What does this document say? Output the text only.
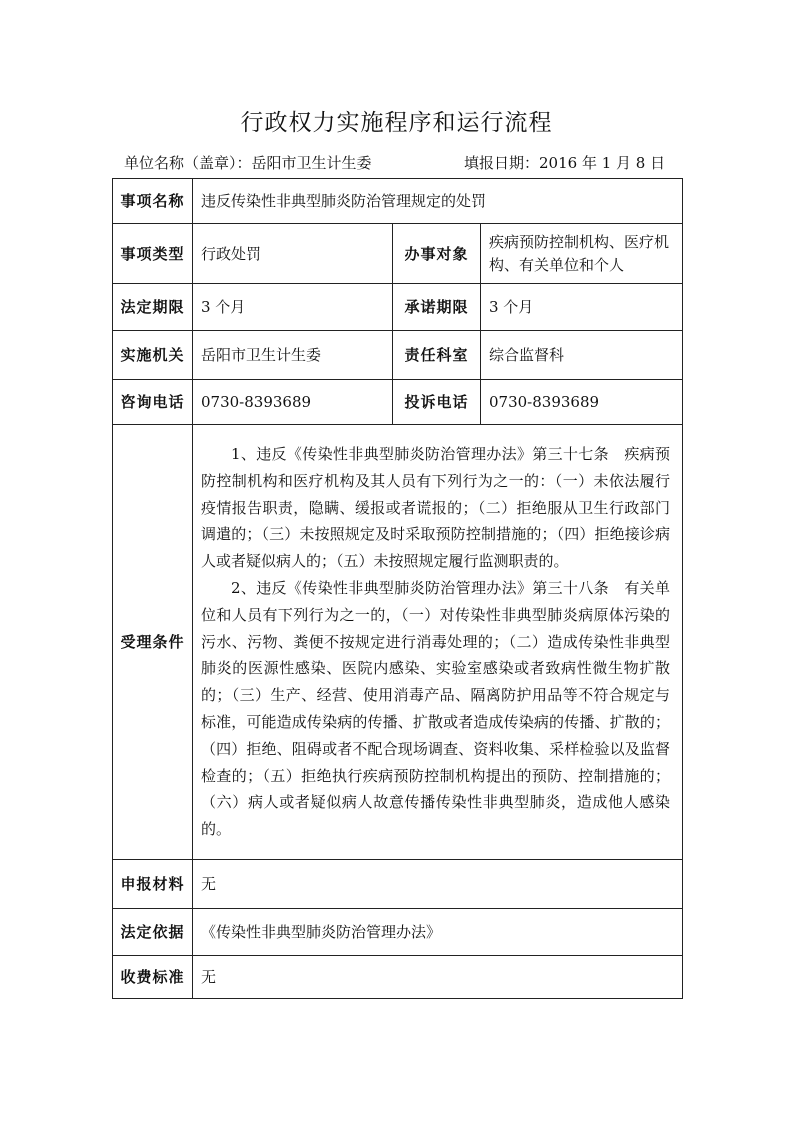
行政权力实施程序和运行流程
单位名称（盖章）：岳阳市卫生计生委	填报日期：2016 年 1 月 8 日
事项名称	违反传染性非典型肺炎防治管理规定的处罚		
事项类型	行政处罚	办事对象	疾病预防控制机构、医疗机构、有关单位和个人
法定期限	3 个月	承诺期限	3 个月
实施机关	岳阳市卫生计生委	责任科室	综合监督科
咨询电话	0730-8393689	投诉电话	0730-8393689
受理条件	1、违反《传染性非典型肺炎防治管理办法》第三十七条　疾病预防控制机构和医疗机构及其人员有下列行为之一的：（一）未依法履行疫情报告职责，隐瞒、缓报或者谎报的；（二）拒绝服从卫生行政部门调遣的；（三）未按照规定及时采取预防控制措施的；（四）拒绝接诊病人或者疑似病人的；（五）未按照规定履行监测职责的。

2、违反《传染性非典型肺炎防治管理办法》第三十八条　有关单位和人员有下列行为之一的，（一）对传染性非典型肺炎病原体污染的污水、污物、粪便不按规定进行消毒处理的；（二）造成传染性非典型肺炎的医源性感染、医院内感染、实验室感染或者致病性微生物扩散的；（三）生产、经营、使用消毒产品、隔离防护用品等不符合规定与标准，可能造成传染病的传播、扩散或者造成传染病的传播、扩散的；（四）拒绝、阻碍或者不配合现场调查、资料收集、采样检验以及监督检查的；（五）拒绝执行疾病预防控制机构提出的预防、控制措施的；（六）病人或者疑似病人故意传播传染性非典型肺炎，造成他人感染的。		

申报材料	无		
法定依据	《传染性非典型肺炎防治管理办法》		
收费标准	无		
